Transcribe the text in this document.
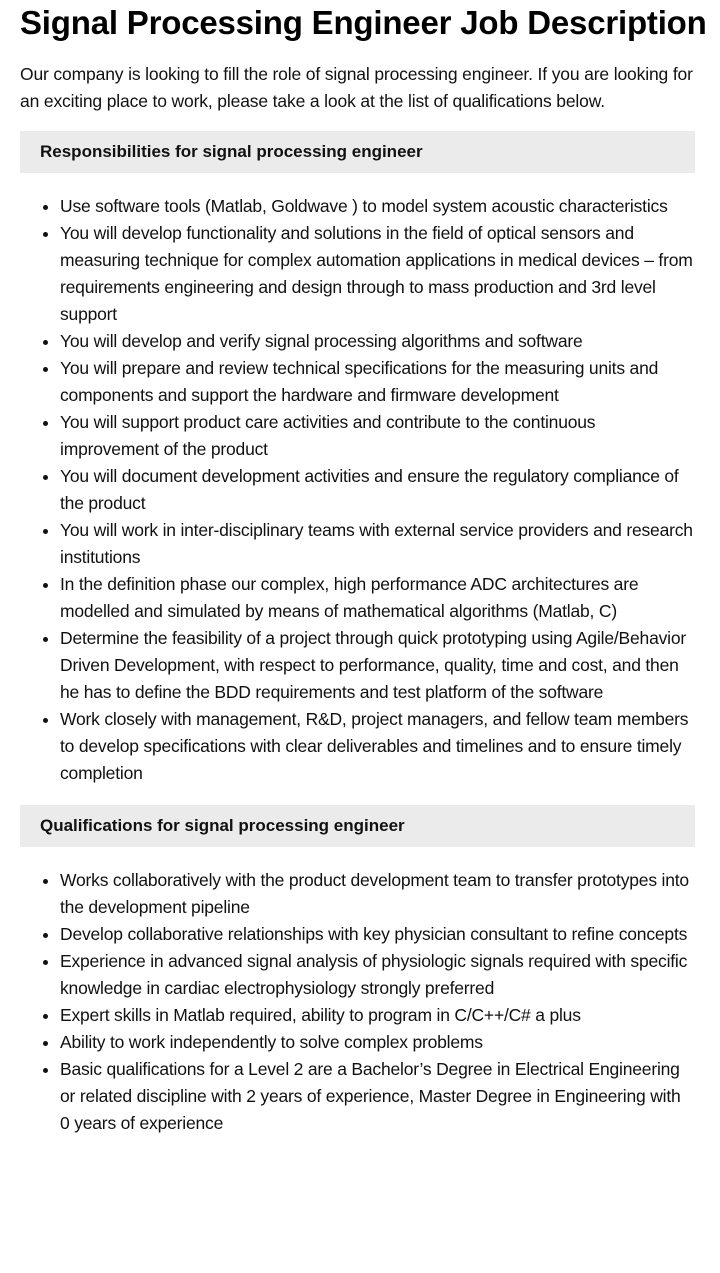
Signal Processing Engineer Job Description

Our company is looking to fill the role of signal processing engineer. If you are looking for an exciting place to work, please take a look at the list of qualifications below.

Responsibilities for signal processing engineer
• Use software tools (Matlab, Goldwave ) to model system acoustic characteristics
• You will develop functionality and solutions in the field of optical sensors and measuring technique for complex automation applications in medical devices – from requirements engineering and design through to mass production and 3rd level support
• You will develop and verify signal processing algorithms and software
• You will prepare and review technical specifications for the measuring units and components and support the hardware and firmware development
• You will support product care activities and contribute to the continuous improvement of the product
• You will document development activities and ensure the regulatory compliance of the product
• You will work in inter-disciplinary teams with external service providers and research institutions
• In the definition phase our complex, high performance ADC architectures are modelled and simulated by means of mathematical algorithms (Matlab, C)
• Determine the feasibility of a project through quick prototyping using Agile/Behavior Driven Development, with respect to performance, quality, time and cost, and then he has to define the BDD requirements and test platform of the software
• Work closely with management, R&D, project managers, and fellow team members to develop specifications with clear deliverables and timelines and to ensure timely completion
Qualifications for signal processing engineer
• Works collaboratively with the product development team to transfer prototypes into the development pipeline
• Develop collaborative relationships with key physician consultant to refine concepts
• Experience in advanced signal analysis of physiologic signals required with specific knowledge in cardiac electrophysiology strongly preferred
• Expert skills in Matlab required, ability to program in C/C++/C# a plus
• Ability to work independently to solve complex problems
• Basic qualifications for a Level 2 are a Bachelor’s Degree in Electrical Engineering or related discipline with 2 years of experience, Master Degree in Engineering with 0 years of experience
